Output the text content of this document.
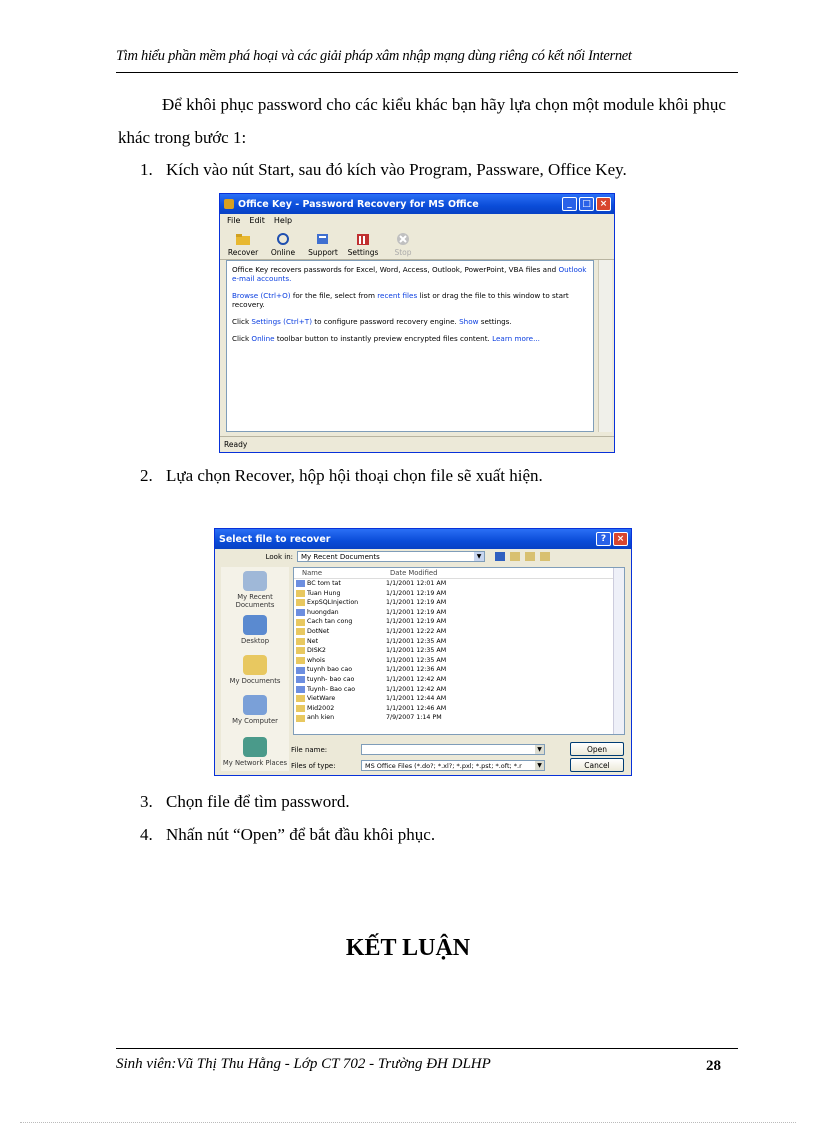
Tìm hiểu phần mềm phá hoại và các giải pháp xâm nhập mạng dùng riêng có kết nối Internet
Để khôi phục password cho các kiểu khác bạn hãy lựa chọn một module khôi phục khác trong bước 1:
1. Kích vào nút Start, sau đó kích vào Program, Passware, Office Key.
Office Key - Password Recovery for MS Office	_	□ ×
File Edit Help
Recover Online Support Settings Stop

Office Key recovers passwords for Excel, Word, Access, Outlook, PowerPoint, VBA files and Outlook e-mail accounts.

Browse (Ctrl+O) for the file, select from recent files list or drag the file to this window to start recovery.

Click Settings (Ctrl+T) to configure password recovery engine. Show settings.

Click Online toolbar button to instantly preview encrypted files content. Learn more...

Ready
2. Lựa chọn Recover, hộp hội thoại chọn file sẽ xuất hiện.
Select file to recover	?	×
Look in:	My Recent Documents	▼
My Recent Documents
Desktop
My Documents
My Computer
My Network Places
Name	Date Modified
BC tom tat	1/1/2001 12:01 AM
Tuan Hung	1/1/2001 12:19 AM
ExpSQLInjection	1/1/2001 12:19 AM
huongdan	1/1/2001 12:19 AM
Cach tan cong	1/1/2001 12:19 AM
DotNet	1/1/2001 12:22 AM
Net	1/1/2001 12:35 AM
DISK2	1/1/2001 12:35 AM
whois	1/1/2001 12:35 AM
tuynh bao cao	1/1/2001 12:36 AM
tuynh- bao cao	1/1/2001 12:42 AM
Tuynh- Bao cao	1/1/2001 12:42 AM
VietWare	1/1/2001 12:44 AM
Mid2002	1/1/2001 12:46 AM
anh kien	7/9/2007 1:14 PM
File name:	▼
Files of type:	MS Office Files (*.do?; *.xl?; *.pxl; *.pst; *.oft; *.r	▼
Open
Cancel
3. Chọn file để tìm password.
4. Nhấn nút “Open” để bắt đầu khôi phục.
KẾT LUẬN
Sinh viên:Vũ Thị Thu Hằng - Lớp CT 702 - Trường ĐH DLHP	28
